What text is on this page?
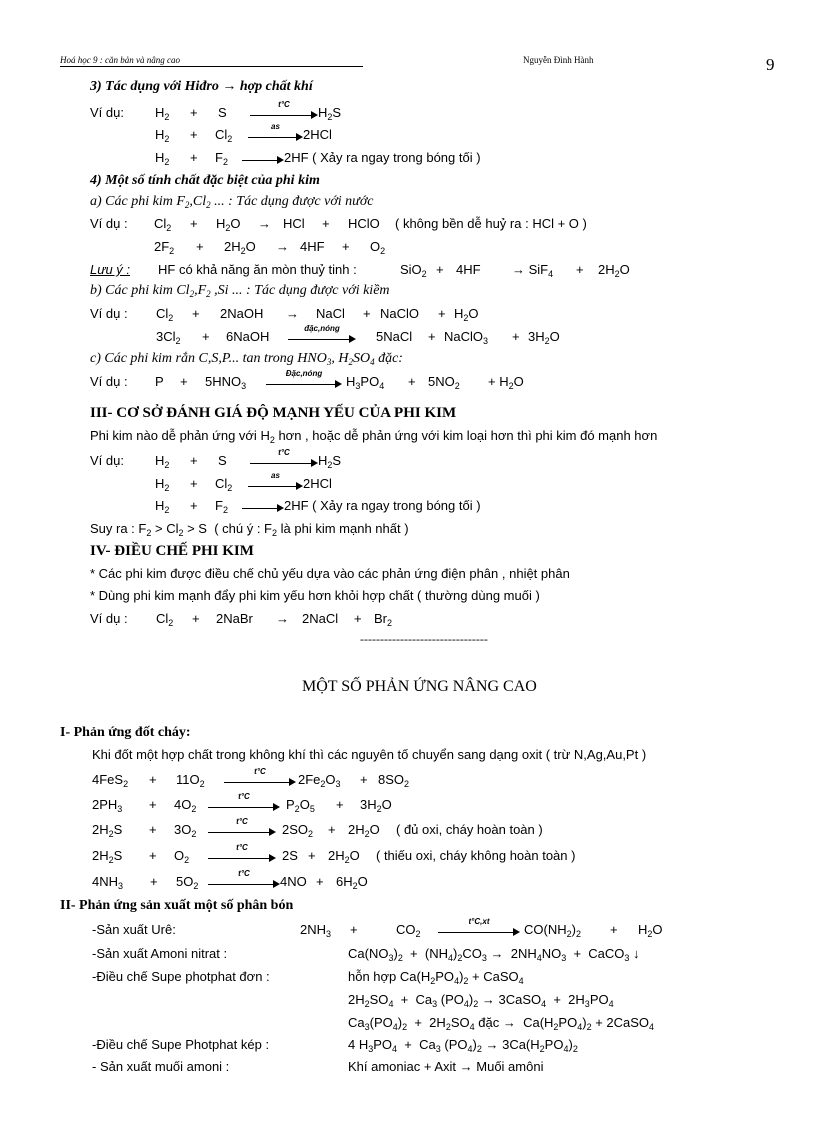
Hoá học 9 : căn bản và nâng cao	Nguyễn Đình Hành	9
3) Tác dụng với Hiđro → hợp chất khí
Ví dụ: $H_2 + S$
t°C
$H_2S$
$H_2 + Cl_2$
as
2HCl
$H_2 + F_2$	2HF ( Xảy ra ngay trong bóng tối )
4) Một số tính chất đặc biệt của phi kim
a) Các phi kim $F_2,Cl_2$ ... : Tác dụng được với nước
Ví dụ : $Cl_2 + H_2O$ → HCl + HClO ( không bền dễ huỷ ra : HCl + O )
$2F_2 + 2H_2O \to 4HF + O_2$
Lưu ý : HF có khả năng ăn mòn thuỷ tinh :	$SiO_2 + 4HF \to SiF_4 + 2H_2O$
b) Các phi kim $Cl_2,F_2$ ,Si ... : Tác dụng được với kiềm
Ví dụ : $Cl_2$ + 2NaOH → NaCl + NaClO + $H_2O$
$3Cl_2$ + 6NaOH
đặc,nóng
5NaCl + NaClO$_3$ + $3H_2O$
c) Các phi kim rắn C,S,P... tan trong $HNO_3$, $H_2SO_4$ đặc:
Ví dụ : $P + 5HNO_3$
Đặc,nóng
$H_3PO_4 + 5NO_2 + H_2O$
III- CƠ SỞ ĐÁNH GIÁ ĐỘ MẠNH YẾU CỦA PHI KIM
Phi kim nào dễ phản ứng với $H_2$ hơn , hoặc dễ phản ứng với kim loại hơn thì phi kim đó mạnh hơn
Ví dụ: $H_2 + S$
t°C
$H_2S$
$H_2 + Cl_2$
as
2HCl
$H_2 + F_2$	2HF ( Xảy ra ngay trong bóng tối )
Suy ra : $F_2 > Cl_2 > S$  ( chú ý : $F_2$ là phi kim mạnh nhất )
IV- ĐIỀU CHẾ PHI KIM
* Các phi kim được điều chế chủ yếu dựa vào các phản ứng điện phân , nhiệt phân
* Dùng phi kim mạnh đẩy phi kim yếu hơn khỏi hợp chất ( thường dùng muối )
Ví dụ : $Cl_2$ + 2NaBr → 2NaCl + $Br_2$
--------------------------------
MỘT SỐ PHẢN ỨNG NÂNG CAO
I- Phản ứng đốt cháy:
Khi đốt một hợp chất trong không khí thì các nguyên tố chuyển sang dạng oxit ( trừ N,Ag,Au,Pt )
$4FeS_2 + 11O_2$
t°C
$2Fe_2O_3 + 8SO_2$
$2PH_3 + 4O_2$
t°C
$P_2O_5 + 3H_2O$
$2H_2S + 3O_2$
t°C
$2SO_2 + 2H_2O$ ( đủ oxi, cháy hoàn toàn )
$2H_2S + O_2$
t°C
$2S + 2H_2O$ ( thiếu oxi, cháy không hoàn toàn )
$4NH_3 + 5O_2$
t°C
$4NO + 6H_2O$
II- Phản ứng sản xuất một số phân bón
-Sản xuất Urê:	$2NH_3$ +	$CO_2$
t°C,xt
$CO(NH_2)_2 + H_2O$
-Sản xuất Amoni nitrat :	$Ca(NO_3)_2 + (NH_4)_2CO_3 \to 2NH_4NO_3$  +  CaCO$_3$ ↓
-Điều chế Supe photphat đơn :	hỗn hợp $Ca(H_2PO_4)_2$ + CaSO$_4$
$2H_2SO_4 + Ca_3$ $(PO_4)_2$ → 3CaSO$_4$  +  $2H_3PO_4$
$Ca_3(PO_4)_2 + 2H_2SO_4$ đặc →  $Ca(H_2PO_4)_2$ + 2CaSO$_4$
-Điều chế Supe Photphat kép :	4 $H_3PO_4 + Ca_3$ $(PO_4)_2 \to 3Ca(H_2PO_4)_2$
- Sản xuất muối amoni :	Khí amoniac + Axit → Muối amôni
